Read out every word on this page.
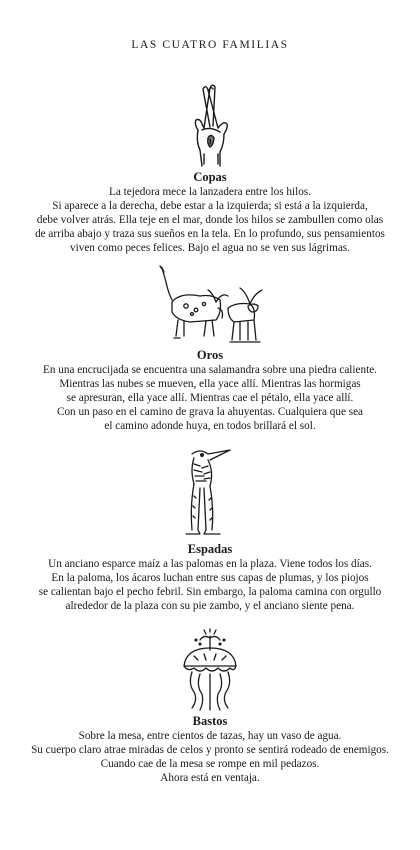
LAS CUATRO FAMILIAS
Copas
La tejedora mece la lanzadera entre los hilos.
Si aparece a la derecha, debe estar a la izquierda; si está a la izquierda,
debe volver atrás. Ella teje en el mar, donde los hilos se zambullen como olas
de arriba abajo y traza sus sueños en la tela. En lo profundo, sus pensamientos
viven como peces felices. Bajo el agua no se ven sus lágrimas.
Oros
En una encrucijada se encuentra una salamandra sobre una piedra caliente.
Mientras las nubes se mueven, ella yace allí. Mientras las hormigas
se apresuran, ella yace allí. Mientras cae el pétalo, ella yace allí.
Con un paso en el camino de grava la ahuyentas. Cualquiera que sea
el camino adonde huya, en todos brillará el sol.
Espadas
Un anciano esparce maíz a las palomas en la plaza. Viene todos los días.
En la paloma, los ácaros luchan entre sus capas de plumas, y los piojos
se calientan bajo el pecho febril. Sin embargo, la paloma camina con orgullo
alrededor de la plaza con su pie zambo, y el anciano siente pena.
Bastos
Sobre la mesa, entre cientos de tazas, hay un vaso de agua.
Su cuerpo claro atrae miradas de celos y pronto se sentirá rodeado de enemigos.
Cuando cae de la mesa se rompe en mil pedazos.
Ahora está en ventaja.
